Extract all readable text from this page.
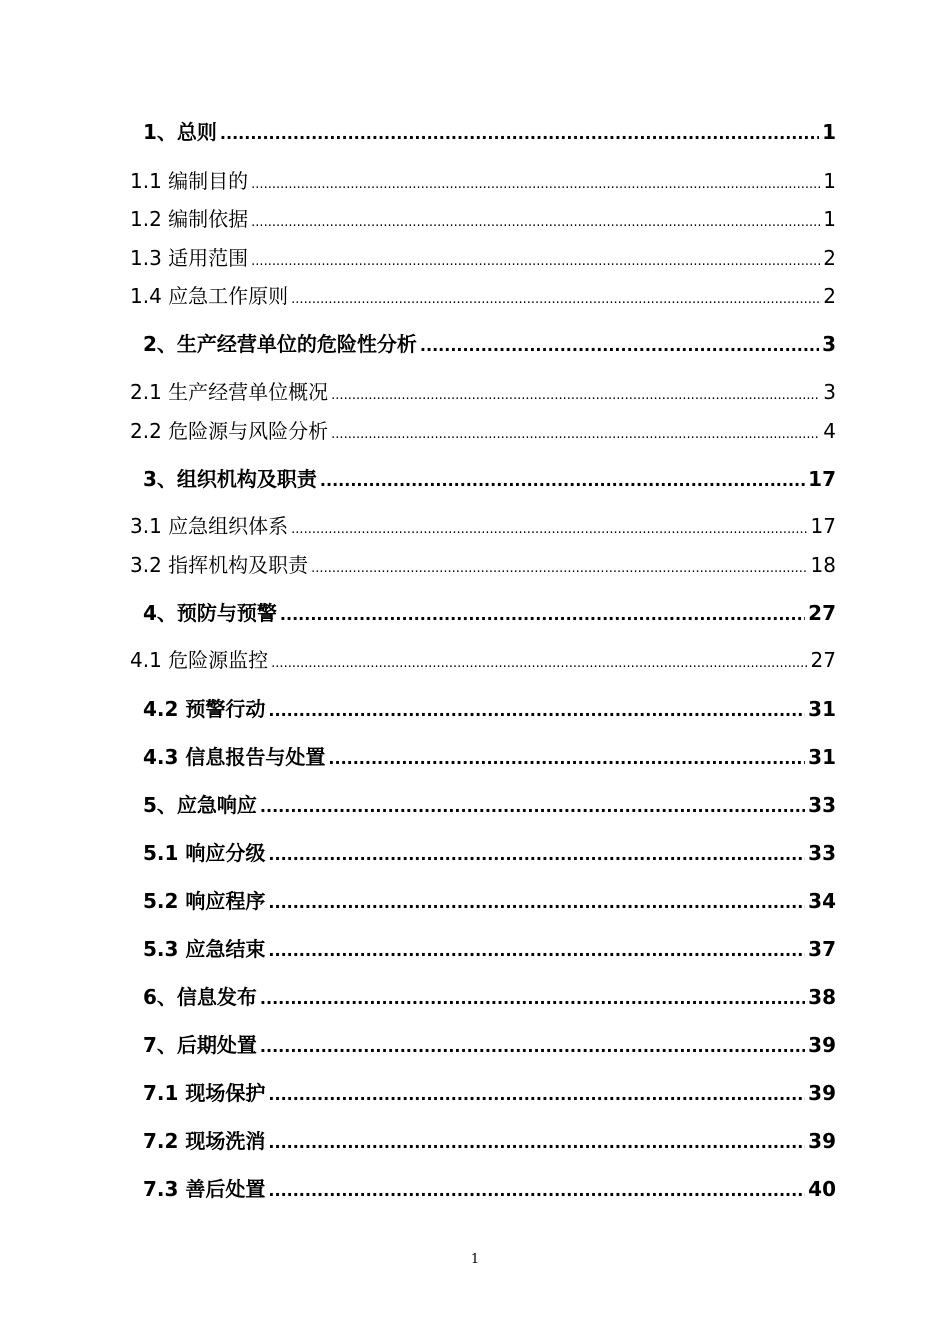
1、总则 .....	1
1.1 编制目的 .....	1
1.2 编制依据 .....	1
1.3 适用范围 .....	2
1.4 应急工作原则 .....	2
2、生产经营单位的危险性分析 .....	3
2.1 生产经营单位概况 .....	3
2.2 危险源与风险分析 .....	4
3、组织机构及职责 .....	17
3.1 应急组织体系 .....	17
3.2 指挥机构及职责 .....	18
4、预防与预警 .....	27
4.1 危险源监控 .....	27
4.2 预警行动 .....	31
4.3 信息报告与处置 .....	31
5、应急响应 .....	33
5.1 响应分级 .....	33
5.2 响应程序 .....	34
5.3 应急结束 .....	37
6、信息发布 .....	38
7、后期处置 .....	39
7.1 现场保护 .....	39
7.2 现场洗消 .....	39
7.3 善后处置 .....	40
1
